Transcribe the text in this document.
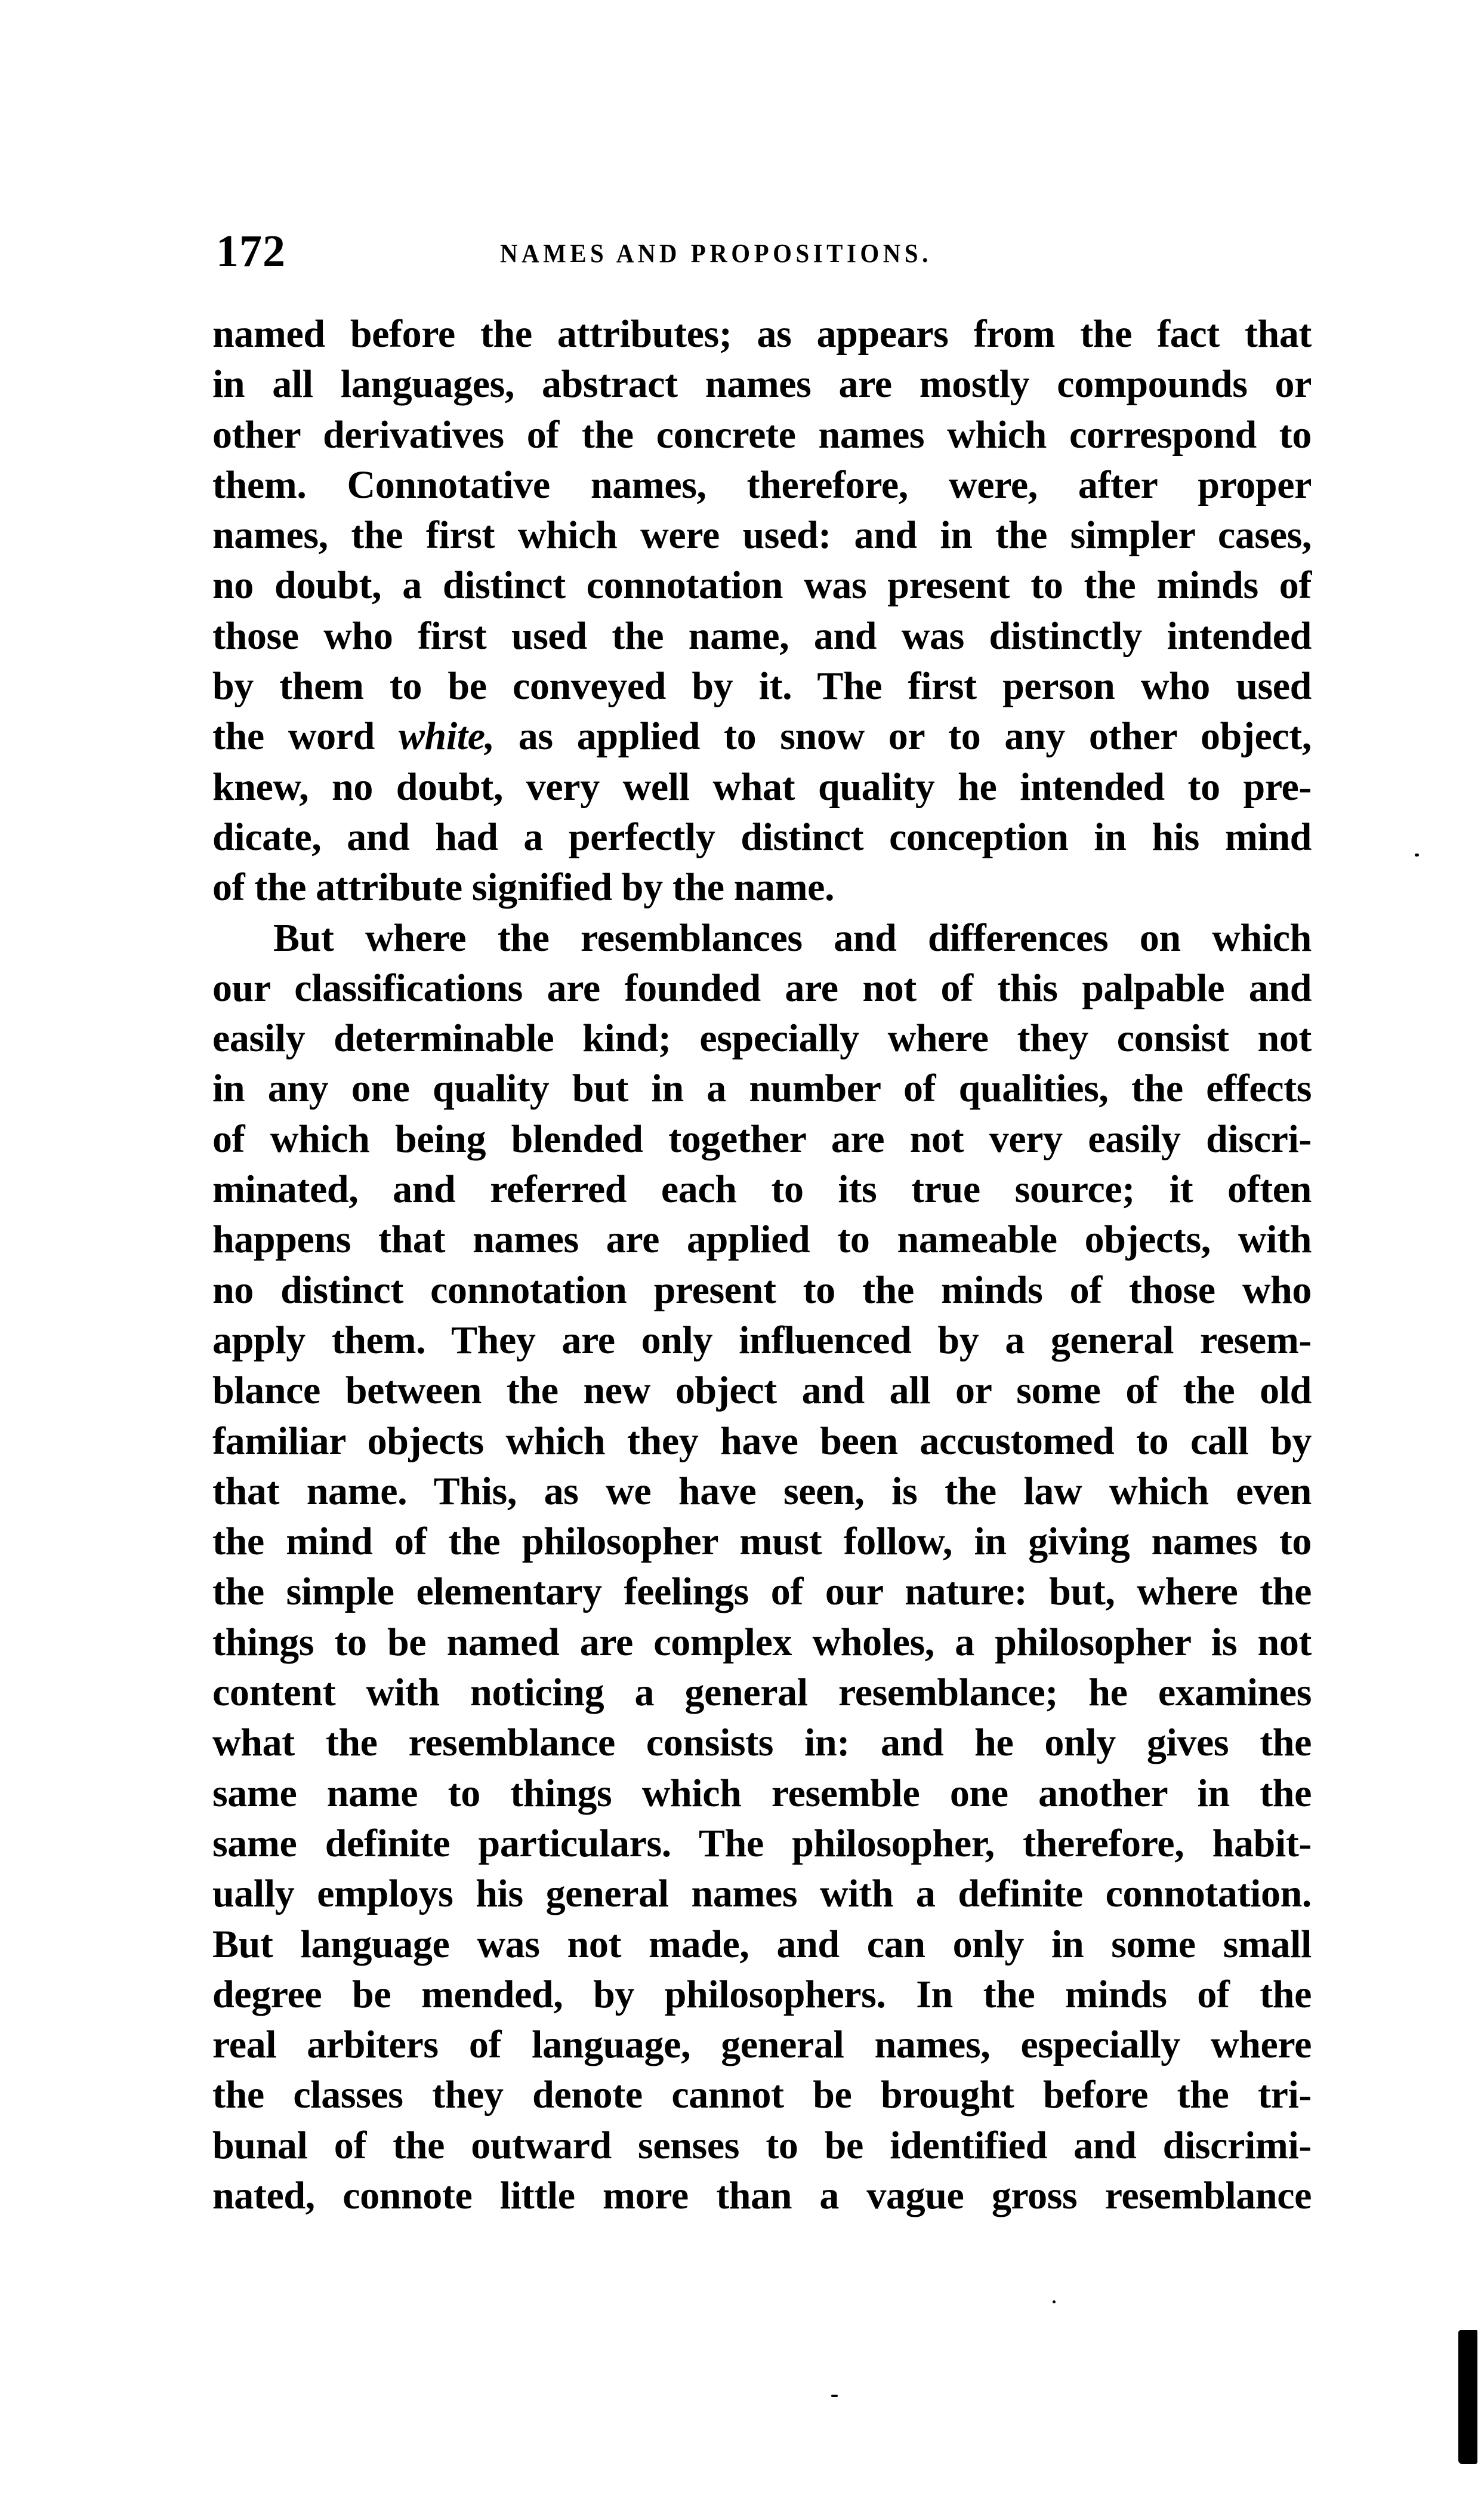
172	NAMES AND PROPOSITIONS.
named before the attributes; as appears from the fact that
in all languages, abstract names are mostly compounds or
other derivatives of the concrete names which correspond to
them. Connotative names, therefore, were, after proper
names, the first which were used: and in the simpler cases,
no doubt, a distinct connotation was present to the minds of
those who first used the name, and was distinctly intended
by them to be conveyed by it. The first person who used
the word white, as applied to snow or to any other object,
knew, no doubt, very well what quality he intended to pre-
dicate, and had a perfectly distinct conception in his mind
of the attribute signified by the name.
But where the resemblances and differences on which
our classifications are founded are not of this palpable and
easily determinable kind; especially where they consist not
in any one quality but in a number of qualities, the effects
of which being blended together are not very easily discri-
minated, and referred each to its true source; it often
happens that names are applied to nameable objects, with
no distinct connotation present to the minds of those who
apply them. They are only influenced by a general resem-
blance between the new object and all or some of the old
familiar objects which they have been accustomed to call by
that name. This, as we have seen, is the law which even
the mind of the philosopher must follow, in giving names to
the simple elementary feelings of our nature: but, where the
things to be named are complex wholes, a philosopher is not
content with noticing a general resemblance; he examines
what the resemblance consists in: and he only gives the
same name to things which resemble one another in the
same definite particulars. The philosopher, therefore, habit-
ually employs his general names with a definite connotation.
But language was not made, and can only in some small
degree be mended, by philosophers. In the minds of the
real arbiters of language, general names, especially where
the classes they denote cannot be brought before the tri-
bunal of the outward senses to be identified and discrimi-
nated, connote little more than a vague gross resemblance
